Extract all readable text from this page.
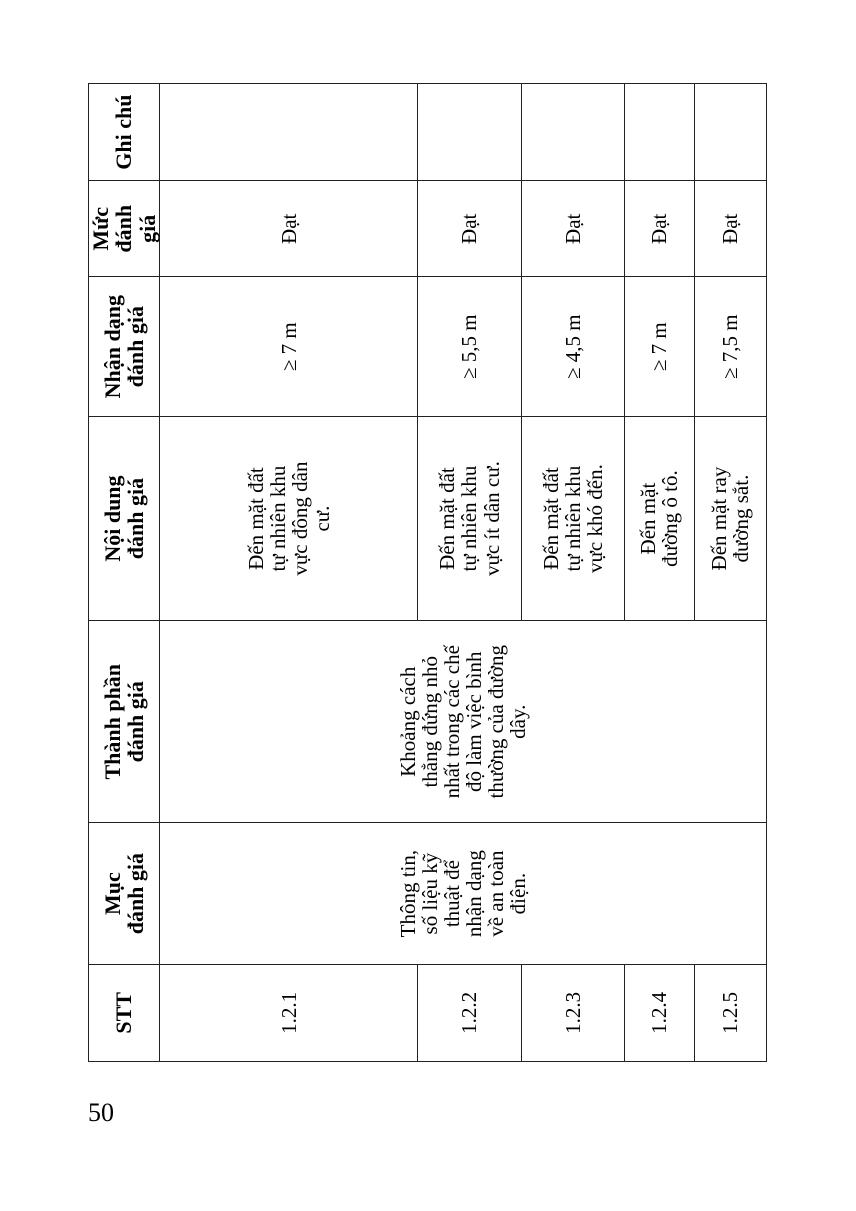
STT	Mục đánh giá	Thành phần đánh giá	Nội dung đánh giá	Nhận dạng đánh giá	Mức đánh giá	Ghi chú
1.2.1	Thông tin, số liệu kỹ thuật để nhận dạng về an toàn điện.	Khoảng cách thẳng đứng nhỏ nhất trong các chế độ làm việc bình thường của đường dây.	Đến mặt đất tự nhiên khu vực đông dân cư.	≥ 7 m	Đạt	
1.2.2			Đến mặt đất tự nhiên khu vực ít dân cư.	≥ 5,5 m	Đạt	
1.2.3			Đến mặt đất tự nhiên khu vực khó đến.	≥ 4,5 m	Đạt	
1.2.4			Đến mặt đường ô tô.	≥ 7 m	Đạt	
1.2.5			Đến mặt ray đường sắt.	≥ 7,5 m	Đạt	
50
